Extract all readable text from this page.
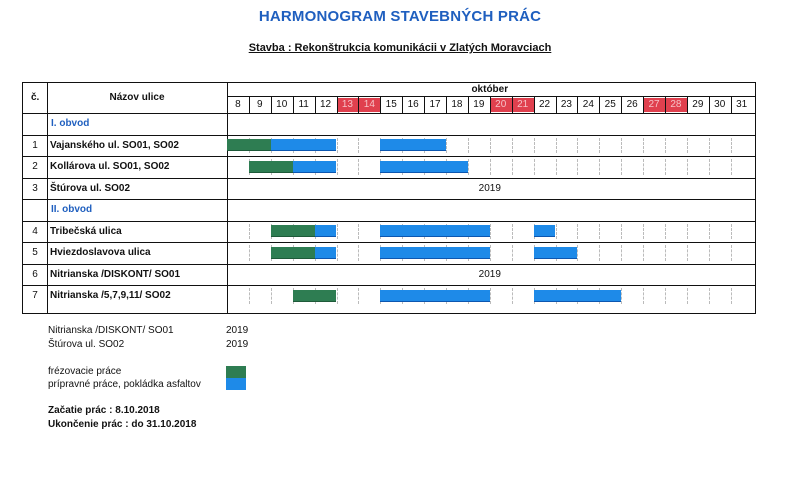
HARMONOGRAM STAVEBNÝCH PRÁC
Stavba : Rekonštrukcia komunikácii v Zlatých Moravciach
č.	Názov ulice
október
8	9	10	11	12	13	14	15	16	17	18	19	20	21	22	23	24	25	26	27	28	29	30	31
I. obvod
1	Vajanského ul. SO01, SO02
2	Kollárova ul. SO01, SO02
3	Štúrova ul. SO02	2019
II. obvod
4	Tribečská ulica
5	Hviezdoslavova ulica
6	Nitrianska /DISKONT/ SO01	2019
7	Nitrianska /5,7,9,11/ SO02
Nitrianska /DISKONT/ SO01	2019
Štúrova ul. SO02	2019
frézovacie práce
prípravné práce, pokládka asfaltov
Začatie prác : 8.10.2018
Ukončenie prác : do 31.10.2018
